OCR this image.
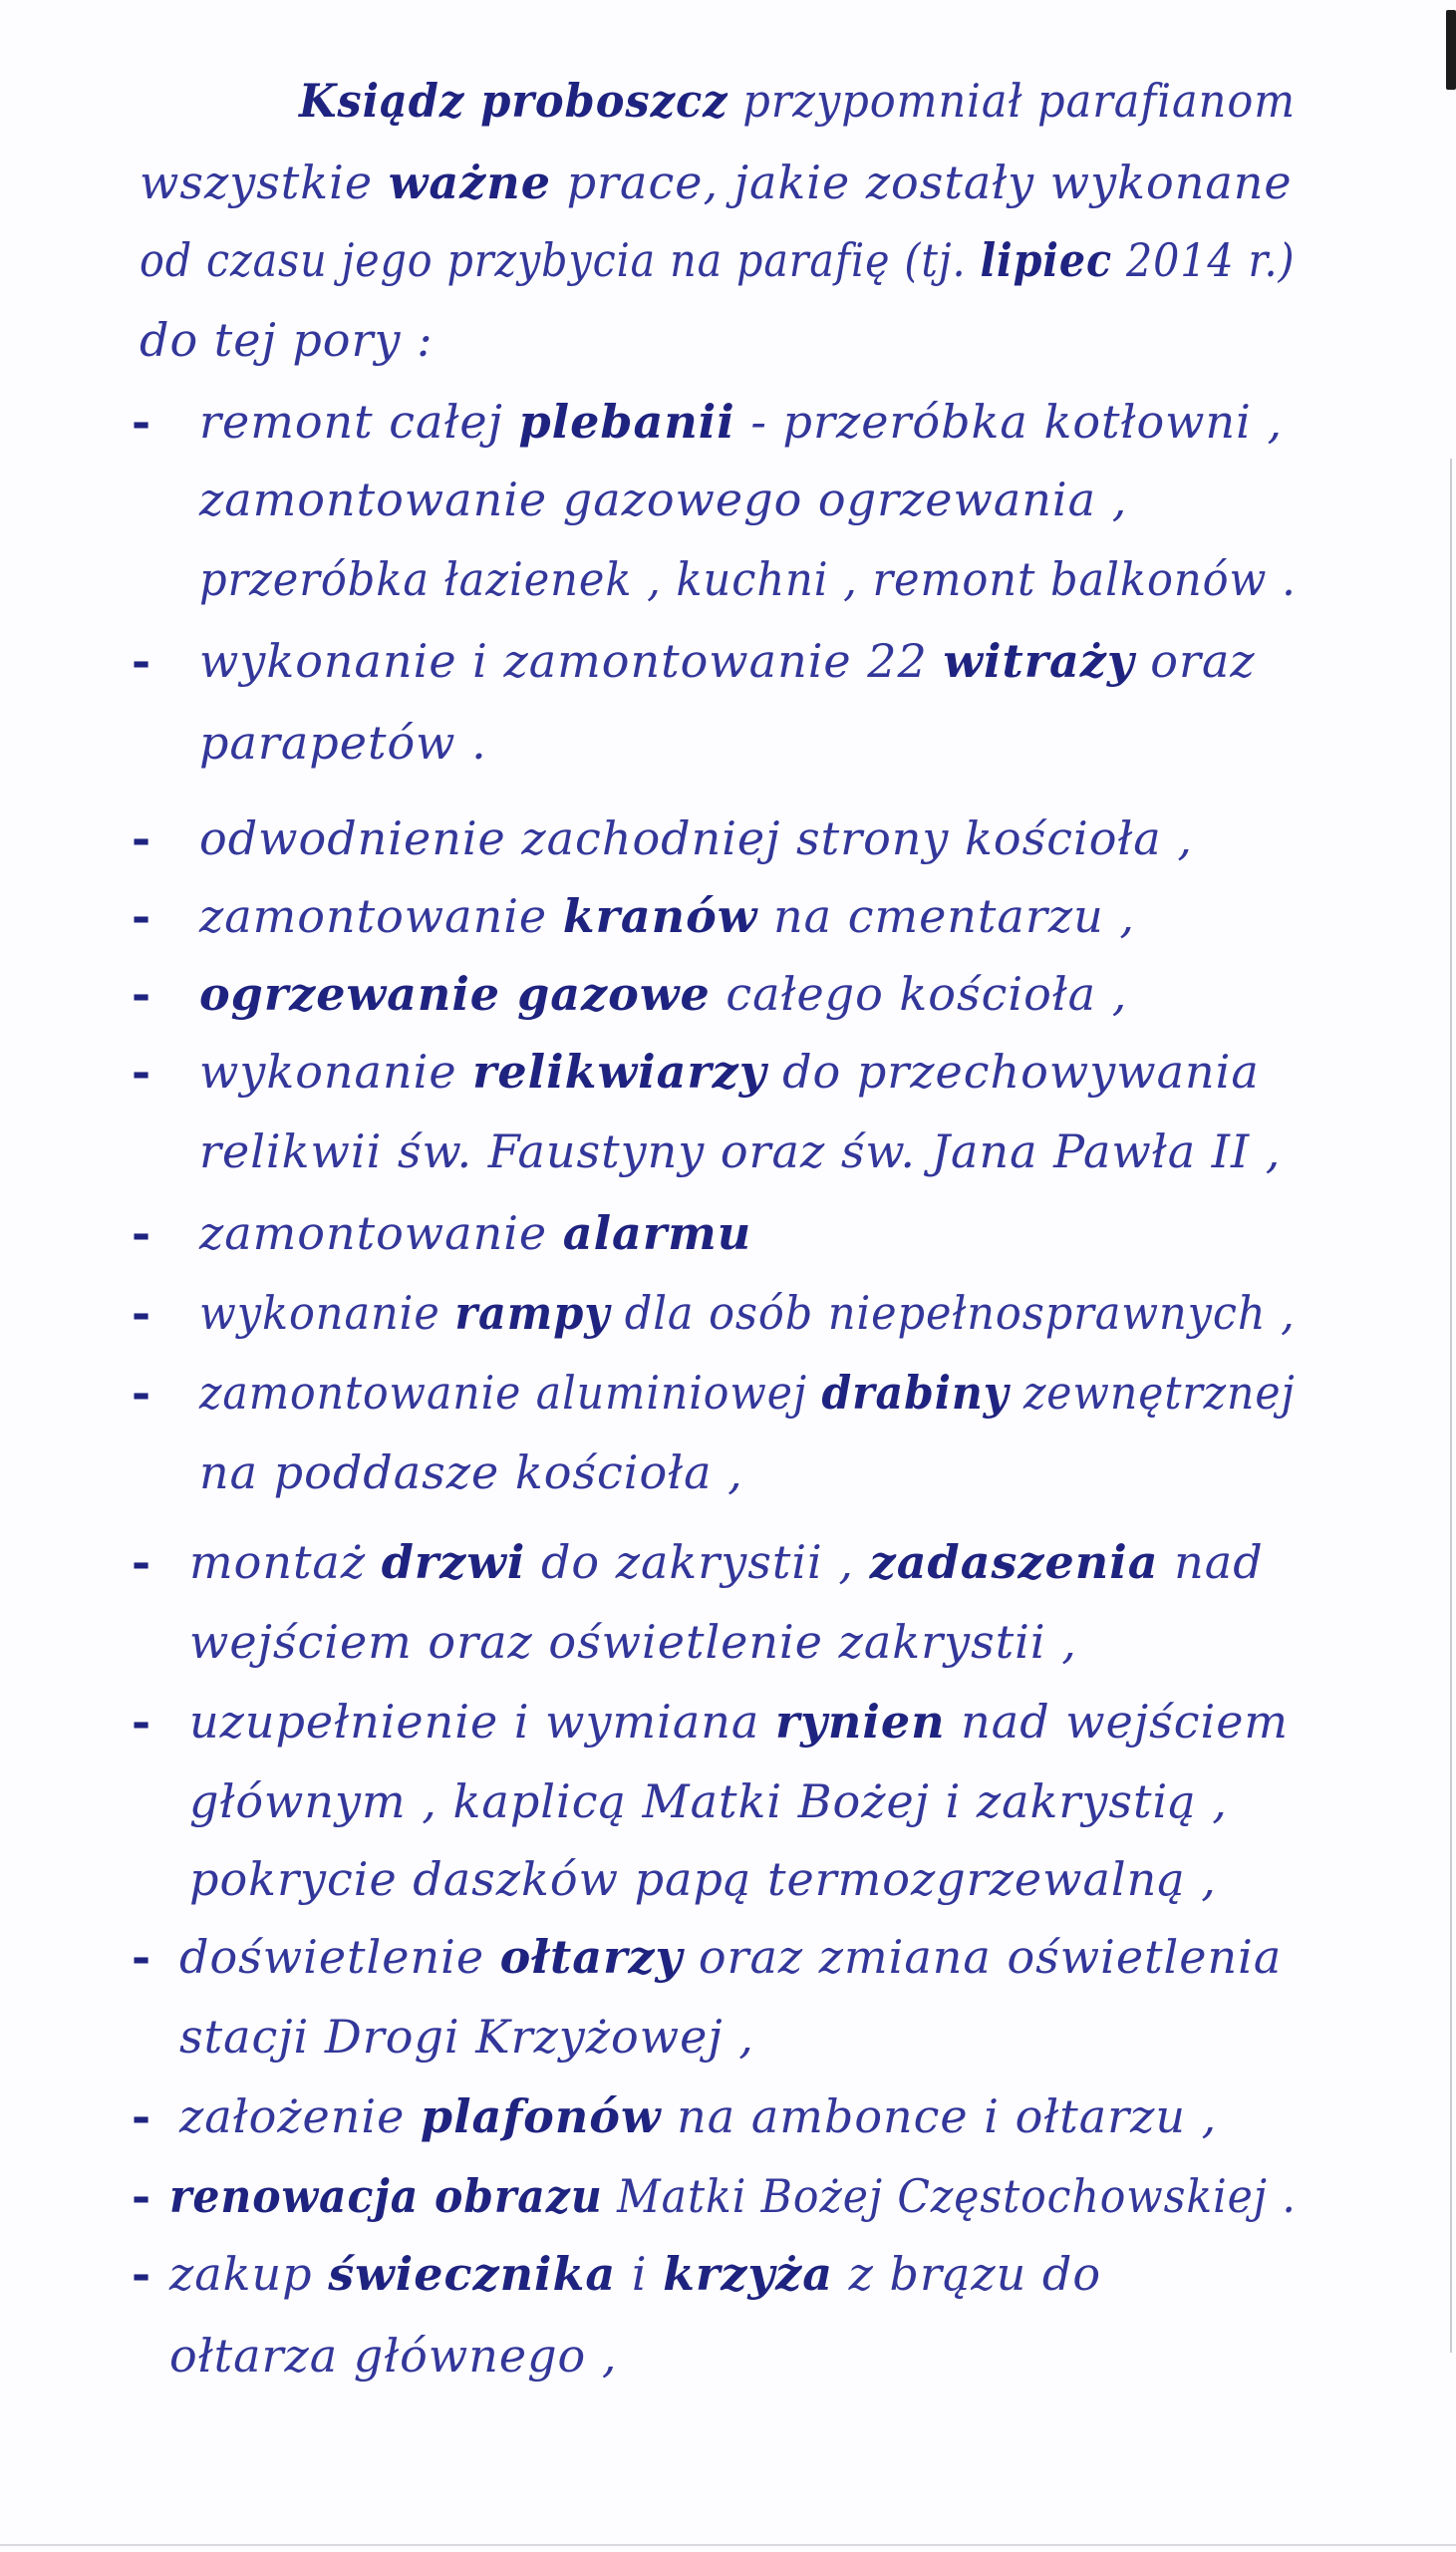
Ksiądz proboszcz przypomniał parafianom
wszystkie ważne prace, jakie zostały wykonane
od czasu jego przybycia na parafię (tj. lipiec 2014 r.)
do tej pory :
- remont całej plebanii - przeróbka kotłowni ,
zamontowanie gazowego ogrzewania ,
przeróbka łazienek , kuchni , remont balkonów .
- wykonanie i zamontowanie 22 witraży oraz
parapetów .
- odwodnienie zachodniej strony kościoła ,
- zamontowanie kranów na cmentarzu ,
- ogrzewanie gazowe całego kościoła ,
- wykonanie relikwiarzy do przechowywania
relikwii św. Faustyny oraz św. Jana Pawła II ,
- zamontowanie alarmu
- wykonanie rampy dla osób niepełnosprawnych ,
- zamontowanie aluminiowej drabiny zewnętrznej
na poddasze kościoła ,
- montaż drzwi do zakrystii , zadaszenia nad
wejściem oraz oświetlenie zakrystii ,
- uzupełnienie i wymiana rynien nad wejściem
głównym , kaplicą Matki Bożej i zakrystią ,
pokrycie daszków papą termozgrzewalną ,
- doświetlenie ołtarzy oraz zmiana oświetlenia
stacji Drogi Krzyżowej ,
- założenie plafonów na ambonce i ołtarzu ,
- renowacja obrazu Matki Bożej Częstochowskiej .
- zakup świecznika i krzyża z brązu do
ołtarza głównego ,
